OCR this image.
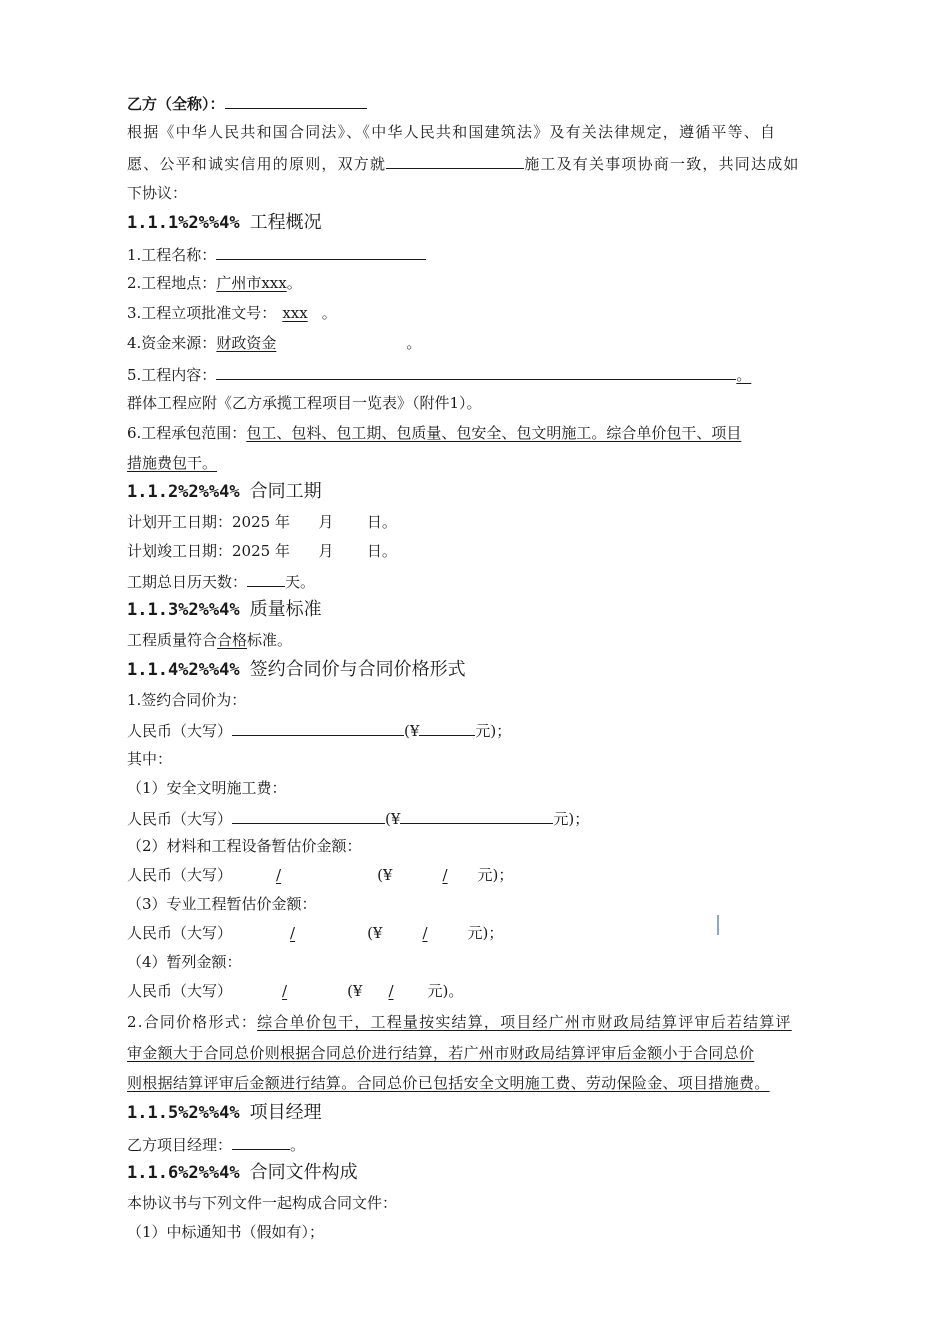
乙方（全称）：
根据《中华人民共和国合同法》、《中华人民共和国建筑法》及有关法律规定，遵循平等、自
愿、公平和诚实信用的原则，双方就	施工及有关事项协商一致，共同达成如
下协议：
1.1.1%2%%4% 工程概况
1.工程名称：
2.工程地点：广州市xxx。
3.工程立项批准文号： xxx 。
4.资金来源：财政资金	。
5.工程内容：	。
群体工程应附《乙方承揽工程项目一览表》（附件1）。
6.工程承包范围：包工、包料、包工期、包质量、包安全、包文明施工。综合单价包干、项目
措施费包干。
1.1.2%2%%4% 合同工期
计划开工日期：2025 年      月       日。
计划竣工日期：2025 年      月       日。
工期总日历天数：	天。
1.1.3%2%%4% 质量标准
工程质量符合合格标准。
1.1.4%2%%4% 签约合同价与合同价格形式
1.签约合同价为：
人民币（大写）	(¥	元)；
其中：
（1）安全文明施工费：
人民币（大写）	(¥	元)；
（2）材料和工程设备暂估价金额：
人民币（大写）	/	(¥	/ 元)；
（3）专业工程暂估价金额：
人民币（大写）	/	(¥	/	元)；
（4）暂列金额：
人民币（大写）	/	(¥ / 元)。
2.合同价格形式：综合单价包干，工程量按实结算，项目经广州市财政局结算评审后若结算评
审金额大于合同总价则根据合同总价进行结算，若广州市财政局结算评审后金额小于合同总价
则根据结算评审后金额进行结算。合同总价已包括安全文明施工费、劳动保险金、项目措施费。
1.1.5%2%%4% 项目经理
乙方项目经理：	。
1.1.6%2%%4% 合同文件构成
本协议书与下列文件一起构成合同文件：
（1）中标通知书（假如有）；
